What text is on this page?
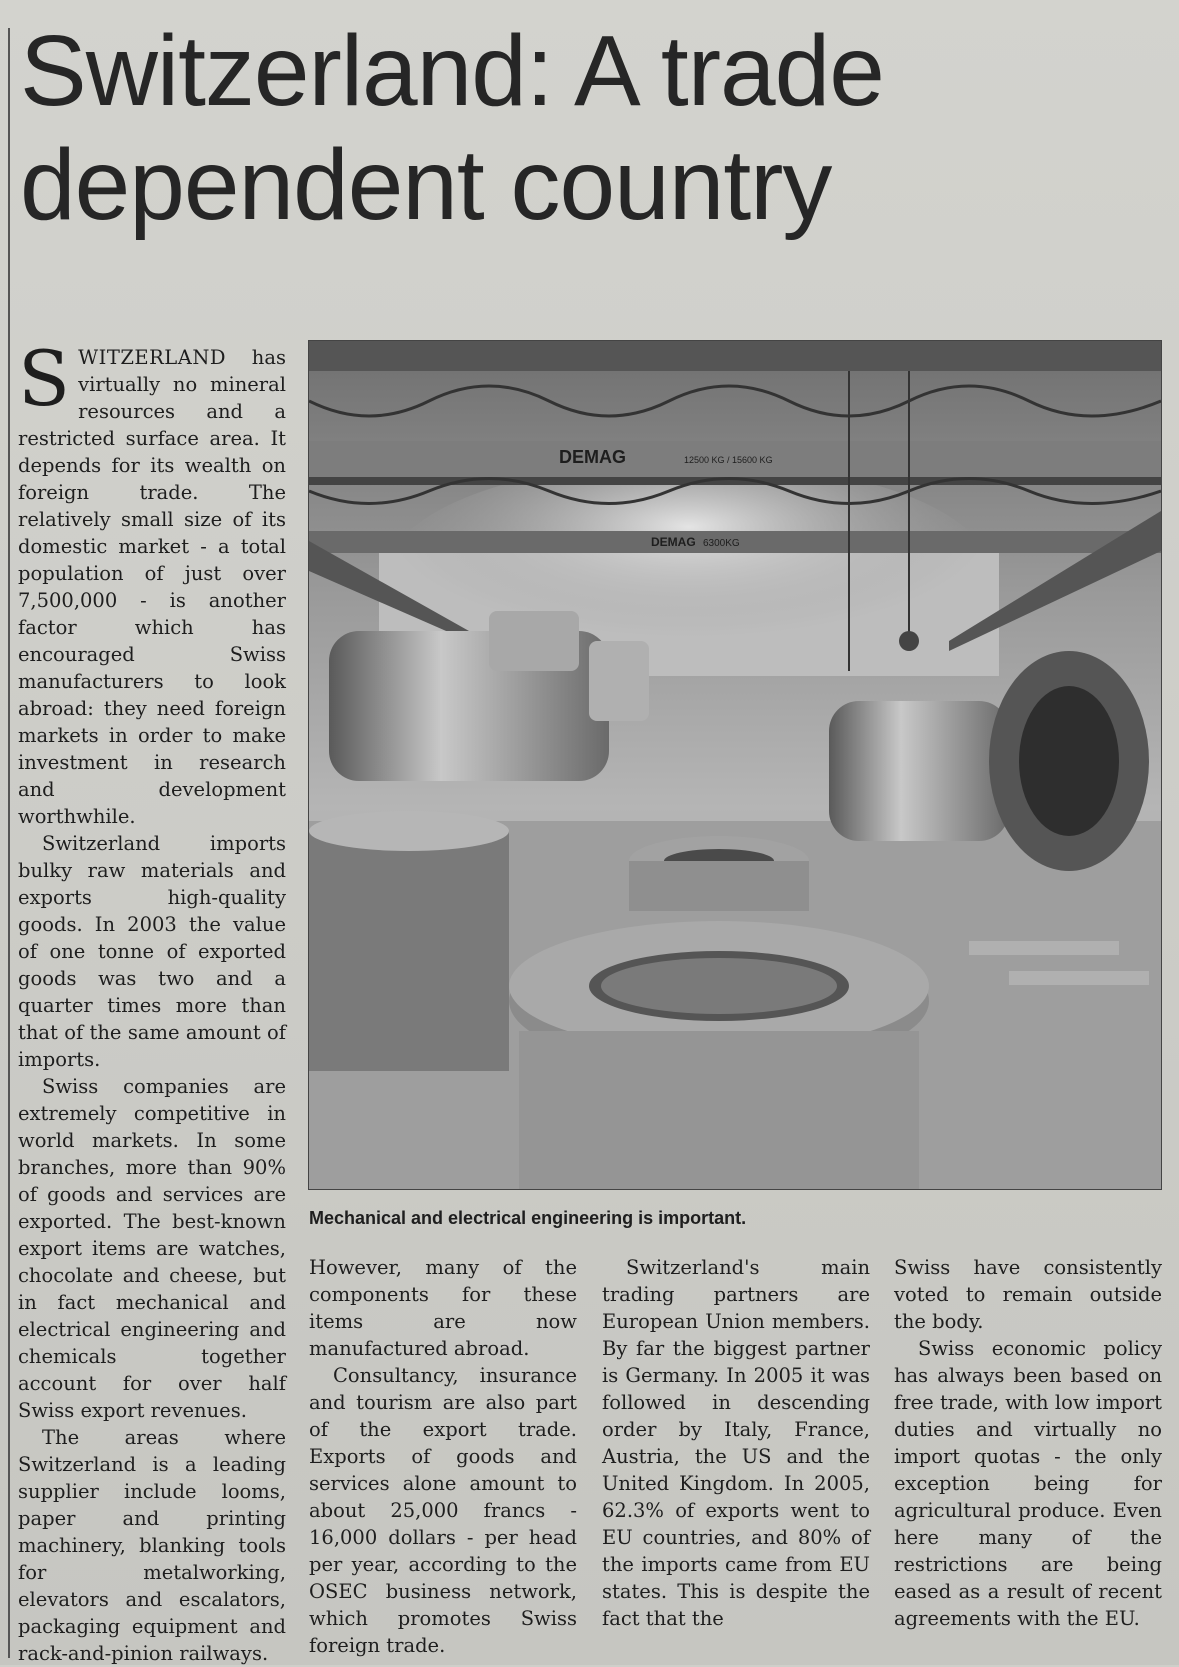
Switzerland: A trade
dependent country

SWITZERLAND has virtually no mineral resources and a restricted surface area. It depends for its wealth on foreign trade. The relatively small size of its domestic market - a total population of just over 7,500,000 - is another factor which has encouraged Swiss manufacturers to look abroad: they need foreign markets in order to make investment in research and development worthwhile.

Switzerland imports bulky raw materials and exports high-quality goods. In 2003 the value of one tonne of exported goods was two and a quarter times more than that of the same amount of imports.

Swiss companies are extremely competitive in world markets. In some branches, more than 90% of goods and services are exported. The best-known export items are watches, chocolate and cheese, but in fact mechanical and electrical engineering and chemicals together account for over half Swiss export revenues.

The areas where Switzerland is a leading supplier include looms, paper and printing machinery, blanking tools for metalworking, elevators and escalators, packaging equipment and rack-and-pinion railways.

DEMAG	12500 KG / 15600 KG
DEMAG 6300KG
Mechanical and electrical engineering is important.

However, many of the components for these items are now manufactured abroad.

Consultancy, insurance and tourism are also part of the export trade. Exports of goods and services alone amount to about 25,000 francs - 16,000 dollars - per head per year, according to the OSEC business network, which promotes Swiss foreign trade.

Switzerland's main trading partners are European Union members. By far the biggest partner is Germany. In 2005 it was followed in descending order by Italy, France, Austria, the US and the United Kingdom. In 2005, 62.3% of exports went to EU countries, and 80% of the imports came from EU states. This is despite the fact that the

Swiss have consistently voted to remain outside the body.

Swiss economic policy has always been based on free trade, with low import duties and virtually no import quotas - the only exception being for agricultural produce. Even here many of the restrictions are being eased as a result of recent agreements with the EU.
